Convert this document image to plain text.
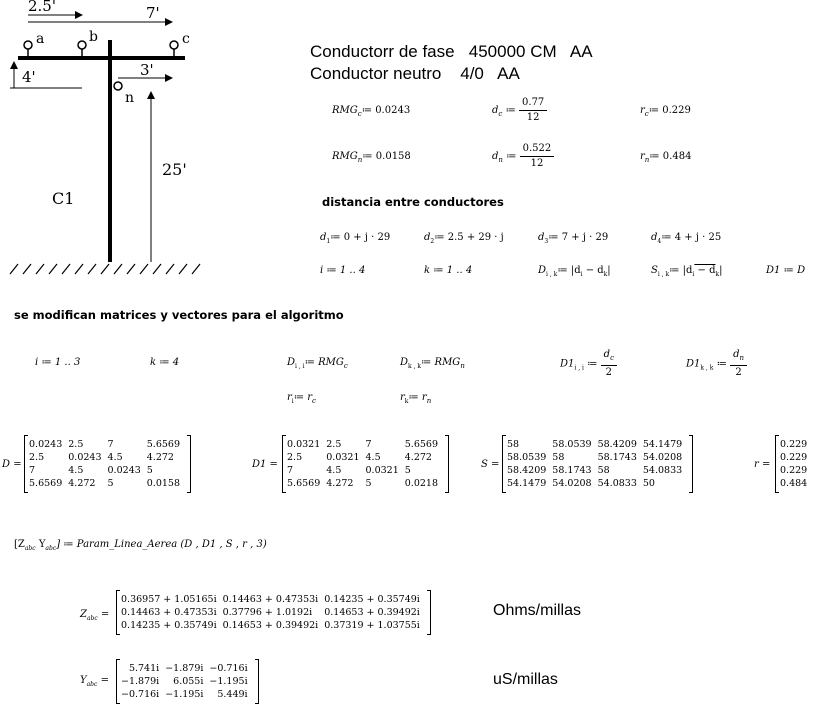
2.5'	7'
a	b	c
n
4'	3'
25'
C1
Conductorr de fase   450000 CM   AA
Conductor neutro    4/0   AA
$RMG_c≔$ 0.0243	$d_c$ ≔ $\frac{0.77}{12}$	$r_c≔$ 0.229
$RMG_n≔$ 0.0158	$d_n$ ≔ $\frac{0.522}{12}$	$r_n≔$ 0.484
distancia entre conductores
$d_1≔$ 0 + j · 29	$d_2≔$ 2.5 + 29 · j	$d_3≔$ 7 + j · 29	$d_4≔$ 4 + j · 25
i ≔ 1 .. 4	k ≔ 1 .. 4	$D_{i , k}≔$ $|d_i - d_k|$	$S_{i , k}≔$ $|d_i - d_k|$	D1 ≔ D
se modifican matrices y vectores para el algoritmo
i ≔ 1 .. 3	k ≔ 4	$D_{i , i}≔$ $RMG_c$	$D_{k , k}≔$ $RMG_n$	$D1_{i , i}$ ≔ $\frac{d_c}{2}$	$D1_{k , k}$ ≔ $\frac{d_n}{2}$
$r_i≔$ $r_c$	$r_k≔$ $r_n$
D =
0.0243	2.5	7	5.6569
2.5	0.0243	4.5	4.272
7	4.5	0.0243	5
5.6569	4.272	5	0.0158
D1 =
0.0321	2.5	7	5.6569
2.5	0.0321	4.5	4.272
7	4.5	0.0321	5
5.6569	4.272	5	0.0218
S =
58	58.0539	58.4209	54.1479
58.0539	58	58.1743	54.0208
58.4209	58.1743	58	54.0833
54.1479	54.0208	54.0833	50
r =
0.229
0.229
0.229
0.484
[$Z_{abc}$ $Y_{abc}$] ≔ Param_Linea_Aerea (D , D1 , S , r , 3)
$Z_{abc}$ =
0.36957 + 1.05165i	0.14463 + 0.47353i	0.14235 + 0.35749i
0.14463 + 0.47353i	0.37796 + 1.0192i	0.14653 + 0.39492i
0.14235 + 0.35749i	0.14653 + 0.39492i	0.37319 + 1.03755i
Ohms/millas
$Y_{abc}$ =
5.741i	−1.879i	−0.716i
−1.879i	6.055i	−1.195i
−0.716i	−1.195i	5.449i
uS/millas
